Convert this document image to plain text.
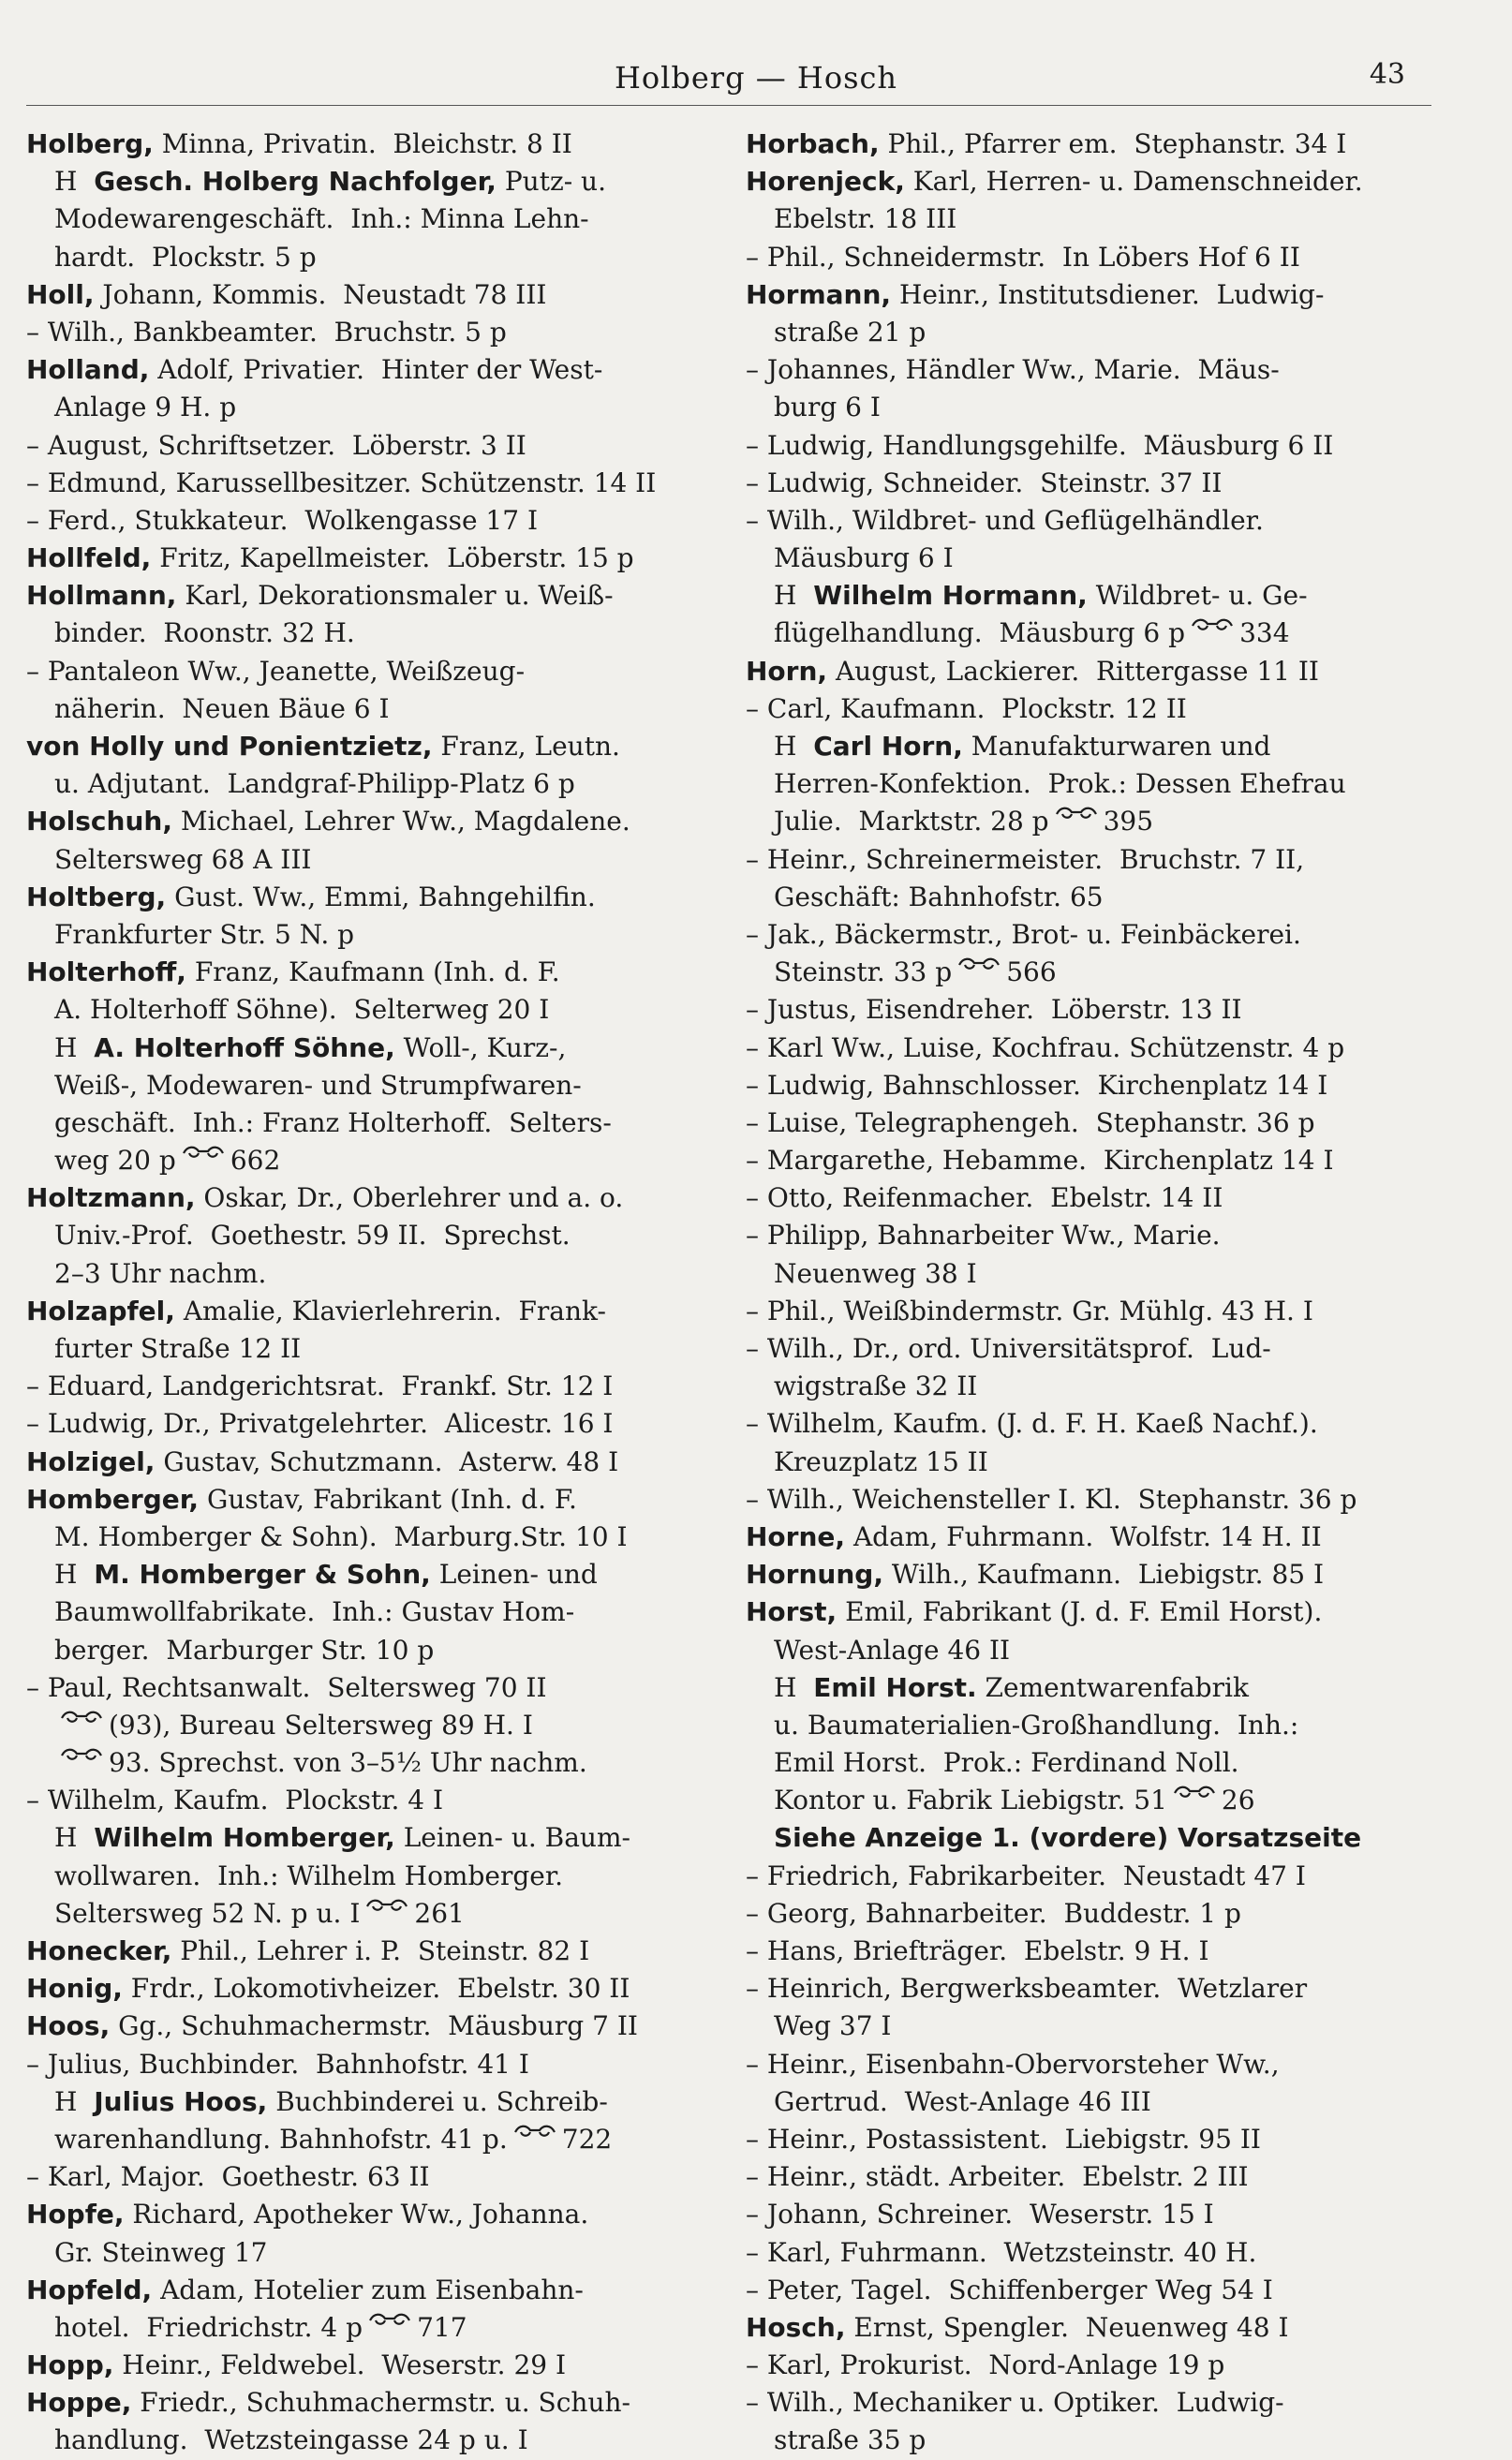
Holberg — Hosch	43
Holberg, Minna, Privatin.  Bleichstr. 8 II
H Gesch. Holberg Nachfolger, Putz- u.
Modewarengeschäft.  Inh.: Minna Lehn-
hardt.  Plockstr. 5 p
Holl, Johann, Kommis.  Neustadt 78 III
– Wilh., Bankbeamter.  Bruchstr. 5 p
Holland, Adolf, Privatier.  Hinter der West-
Anlage 9 H. p
– August, Schriftsetzer.  Löberstr. 3 II
– Edmund, Karussellbesitzer. Schützenstr. 14 II
– Ferd., Stukkateur.  Wolkengasse 17 I
Hollfeld, Fritz, Kapellmeister.  Löberstr. 15 p
Hollmann, Karl, Dekorationsmaler u. Weiß-
binder.  Roonstr. 32 H.
– Pantaleon Ww., Jeanette, Weißzeug-
näherin.  Neuen Bäue 6 I
von Holly und Ponientzietz, Franz, Leutn.
u. Adjutant.  Landgraf-Philipp-Platz 6 p
Holschuh, Michael, Lehrer Ww., Magdalene.
Seltersweg 68 A III
Holtberg, Gust. Ww., Emmi, Bahngehilfin.
Frankfurter Str. 5 N. p
Holterhoff, Franz, Kaufmann (Inh. d. F.
A. Holterhoff Söhne).  Selterweg 20 I
H A. Holterhoff Söhne, Woll-, Kurz-,
Weiß-, Modewaren- und Strumpfwaren-
geschäft.  Inh.: Franz Holterhoff.  Selters-
weg 20 p 662
Holtzmann, Oskar, Dr., Oberlehrer und a. o.
Univ.-Prof.  Goethestr. 59 II.  Sprechst.
2–3 Uhr nachm.
Holzapfel, Amalie, Klavierlehrerin.  Frank-
furter Straße 12 II
– Eduard, Landgerichtsrat.  Frankf. Str. 12 I
– Ludwig, Dr., Privatgelehrter.  Alicestr. 16 I
Holzigel, Gustav, Schutzmann.  Asterw. 48 I
Homberger, Gustav, Fabrikant (Inh. d. F.
M. Homberger & Sohn).  Marburg.Str. 10 I
H M. Homberger & Sohn, Leinen- und
Baumwollfabrikate.  Inh.: Gustav Hom-
berger.  Marburger Str. 10 p
– Paul, Rechtsanwalt.  Seltersweg 70 II
(93), Bureau Seltersweg 89 H. I
93. Sprechst. von 3–5½ Uhr nachm.
– Wilhelm, Kaufm.  Plockstr. 4 I
H Wilhelm Homberger, Leinen- u. Baum-
wollwaren.  Inh.: Wilhelm Homberger.
Seltersweg 52 N. p u. I 261
Honecker, Phil., Lehrer i. P.  Steinstr. 82 I
Honig, Frdr., Lokomotivheizer.  Ebelstr. 30 II
Hoos, Gg., Schuhmachermstr.  Mäusburg 7 II
– Julius, Buchbinder.  Bahnhofstr. 41 I
H Julius Hoos, Buchbinderei u. Schreib-
warenhandlung. Bahnhofstr. 41 p. 722
– Karl, Major.  Goethestr. 63 II
Hopfe, Richard, Apotheker Ww., Johanna.
Gr. Steinweg 17
Hopfeld, Adam, Hotelier zum Eisenbahn-
hotel.  Friedrichstr. 4 p 717
Hopp, Heinr., Feldwebel.  Weserstr. 29 I
Hoppe, Friedr., Schuhmachermstr. u. Schuh-
handlung.  Wetzsteingasse 24 p u. I
Horbach, Phil., Pfarrer em.  Stephanstr. 34 I
Horenjeck, Karl, Herren- u. Damenschneider.
Ebelstr. 18 III
– Phil., Schneidermstr.  In Löbers Hof 6 II
Hormann, Heinr., Institutsdiener.  Ludwig-
straße 21 p
– Johannes, Händler Ww., Marie.  Mäus-
burg 6 I
– Ludwig, Handlungsgehilfe.  Mäusburg 6 II
– Ludwig, Schneider.  Steinstr. 37 II
– Wilh., Wildbret- und Geflügelhändler.
Mäusburg 6 I
H Wilhelm Hormann, Wildbret- u. Ge-
flügelhandlung.  Mäusburg 6 p 334
Horn, August, Lackierer.  Rittergasse 11 II
– Carl, Kaufmann.  Plockstr. 12 II
H Carl Horn, Manufakturwaren und
Herren-Konfektion.  Prok.: Dessen Ehefrau
Julie.  Marktstr. 28 p 395
– Heinr., Schreinermeister.  Bruchstr. 7 II,
Geschäft: Bahnhofstr. 65
– Jak., Bäckermstr., Brot- u. Feinbäckerei.
Steinstr. 33 p 566
– Justus, Eisendreher.  Löberstr. 13 II
– Karl Ww., Luise, Kochfrau. Schützenstr. 4 p
– Ludwig, Bahnschlosser.  Kirchenplatz 14 I
– Luise, Telegraphengeh.  Stephanstr. 36 p
– Margarethe, Hebamme.  Kirchenplatz 14 I
– Otto, Reifenmacher.  Ebelstr. 14 II
– Philipp, Bahnarbeiter Ww., Marie.
Neuenweg 38 I
– Phil., Weißbindermstr. Gr. Mühlg. 43 H. I
– Wilh., Dr., ord. Universitätsprof.  Lud-
wigstraße 32 II
– Wilhelm, Kaufm. (J. d. F. H. Kaeß Nachf.).
Kreuzplatz 15 II
– Wilh., Weichensteller I. Kl.  Stephanstr. 36 p
Horne, Adam, Fuhrmann.  Wolfstr. 14 H. II
Hornung, Wilh., Kaufmann.  Liebigstr. 85 I
Horst, Emil, Fabrikant (J. d. F. Emil Horst).
West-Anlage 46 II
H Emil Horst. Zementwarenfabrik
u. Baumaterialien-Großhandlung.  Inh.:
Emil Horst.  Prok.: Ferdinand Noll.
Kontor u. Fabrik Liebigstr. 51 26
Siehe Anzeige 1. (vordere) Vorsatzseite
– Friedrich, Fabrikarbeiter.  Neustadt 47 I
– Georg, Bahnarbeiter.  Buddestr. 1 p
– Hans, Briefträger.  Ebelstr. 9 H. I
– Heinrich, Bergwerksbeamter.  Wetzlarer
Weg 37 I
– Heinr., Eisenbahn-Obervorsteher Ww.,
Gertrud.  West-Anlage 46 III
– Heinr., Postassistent.  Liebigstr. 95 II
– Heinr., städt. Arbeiter.  Ebelstr. 2 III
– Johann, Schreiner.  Weserstr. 15 I
– Karl, Fuhrmann.  Wetzsteinstr. 40 H.
– Peter, Tagel.  Schiffenberger Weg 54 I
Hosch, Ernst, Spengler.  Neuenweg 48 I
– Karl, Prokurist.  Nord-Anlage 19 p
– Wilh., Mechaniker u. Optiker.  Ludwig-
straße 35 p
